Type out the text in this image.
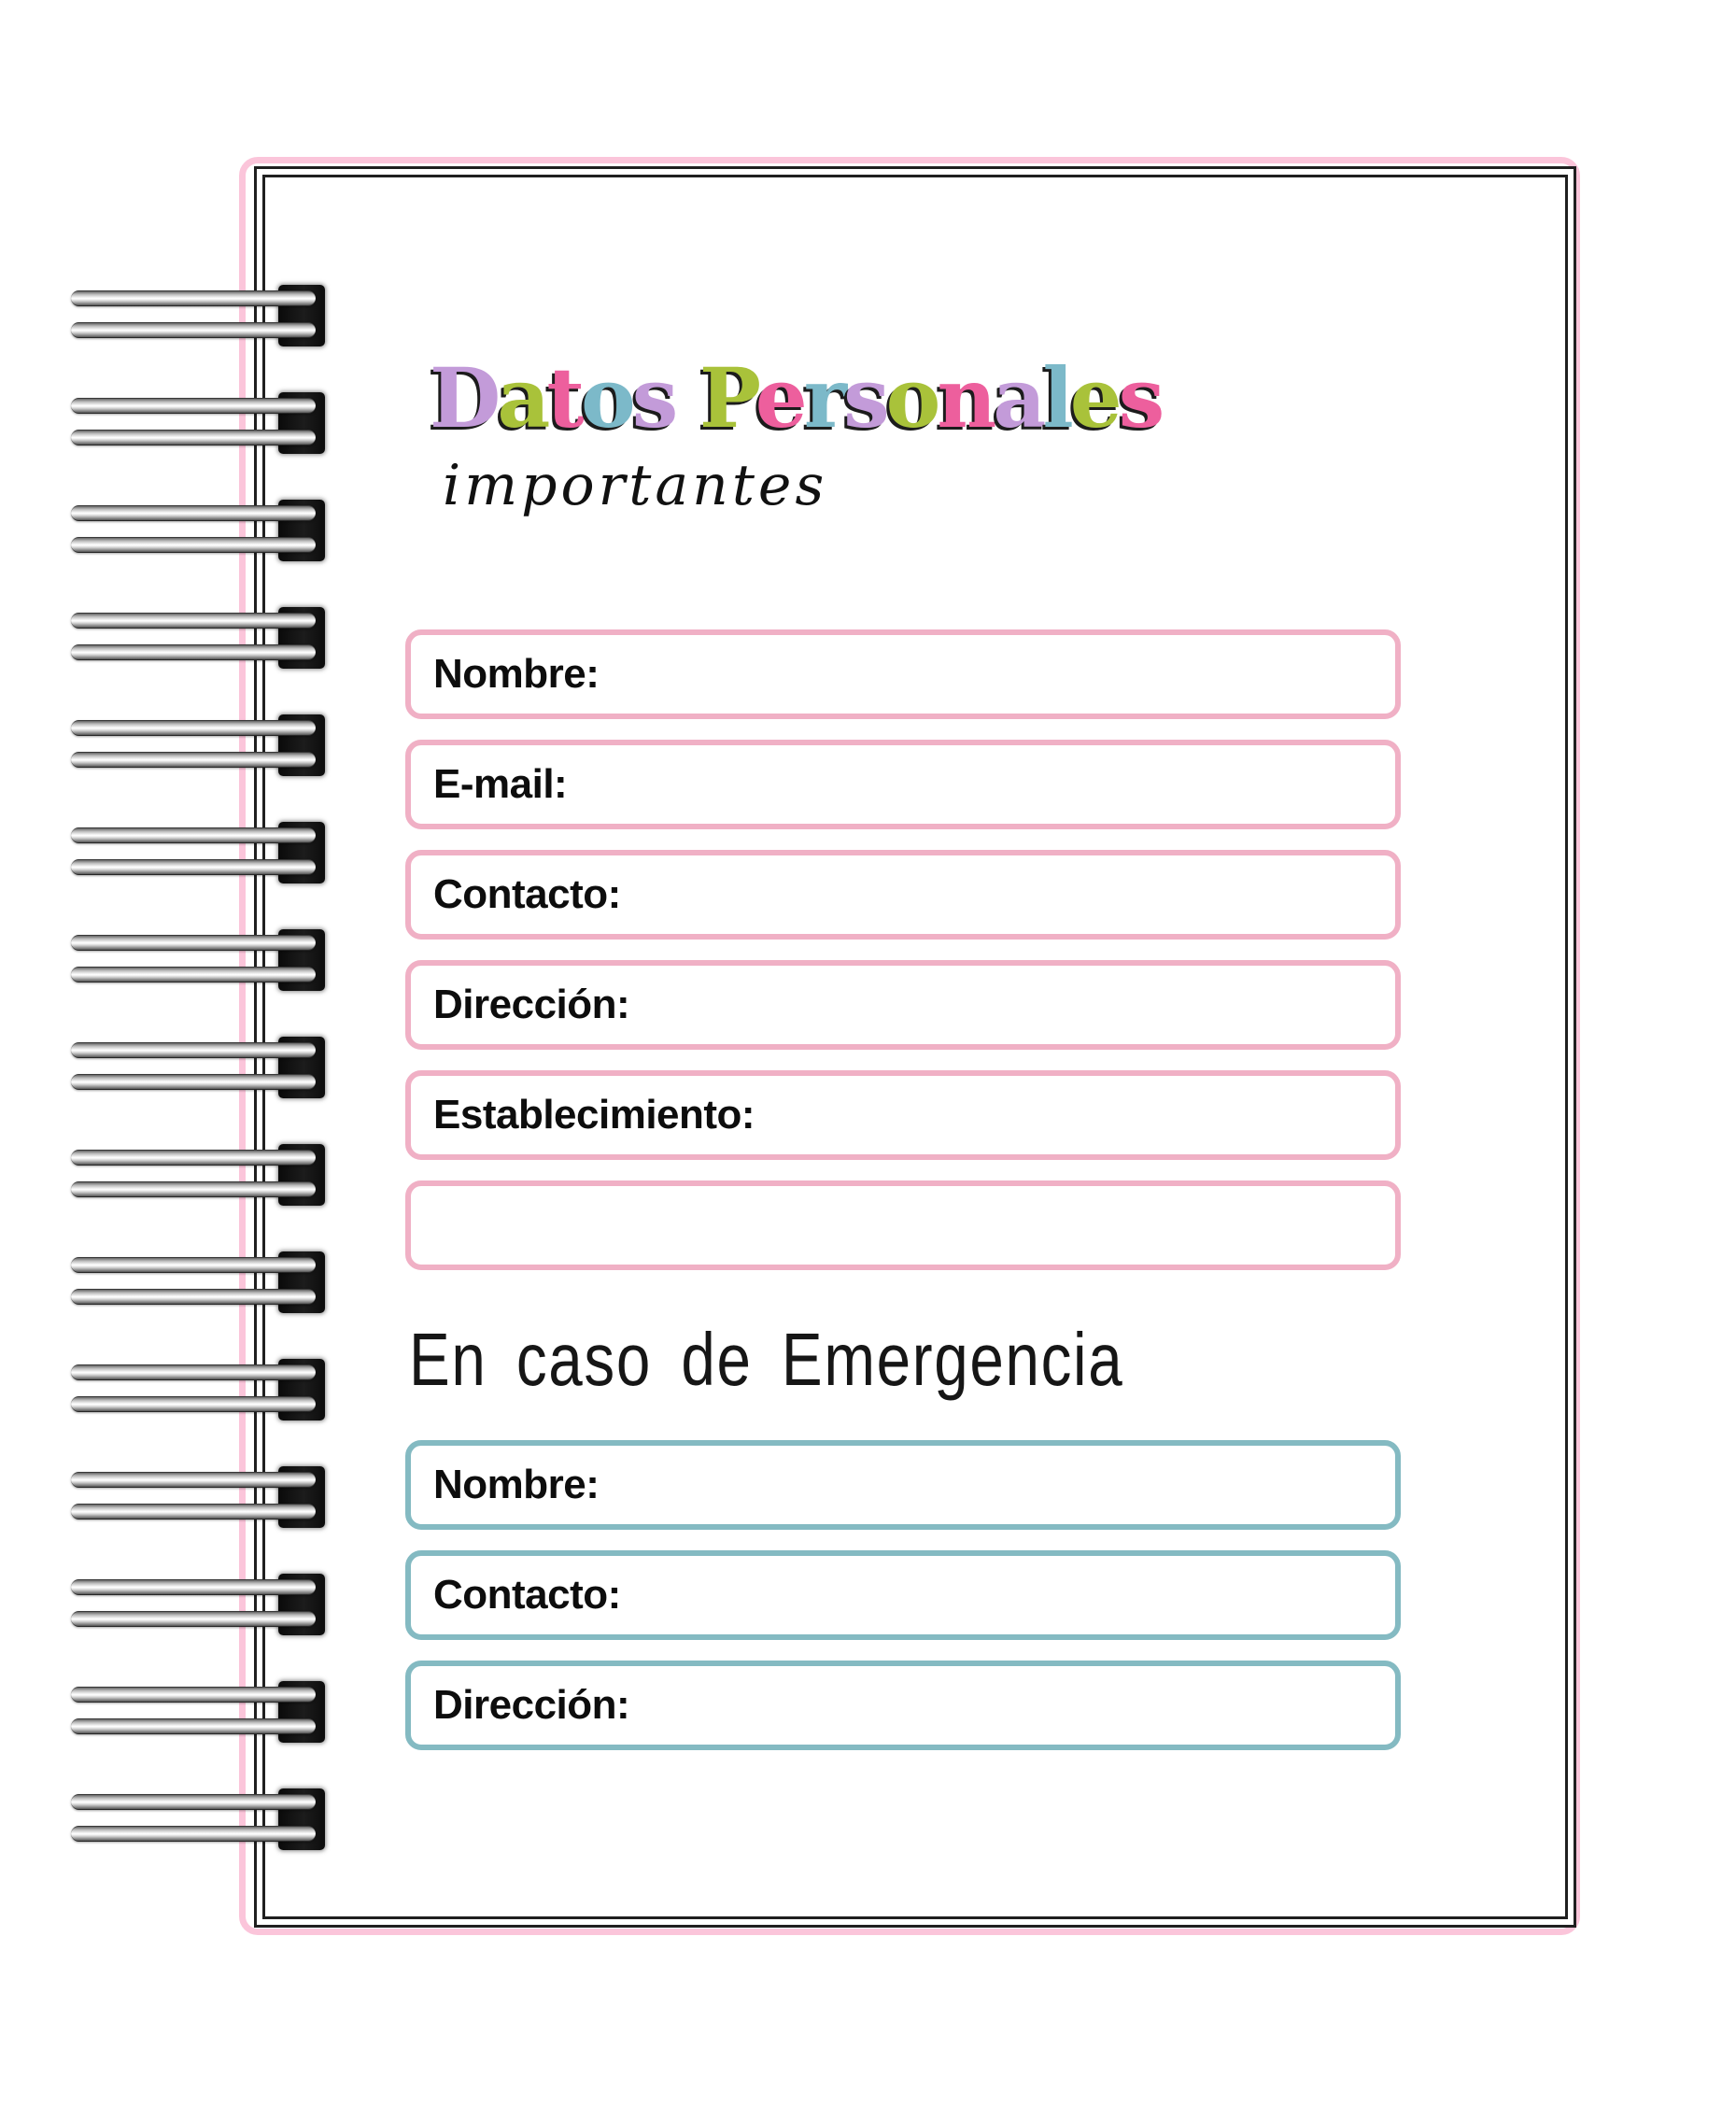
Datos Personales
importantes
Nombre:
E-mail:
Contacto:
Dirección:
Establecimiento:
En caso de Emergencia
Nombre:
Contacto:
Dirección:
